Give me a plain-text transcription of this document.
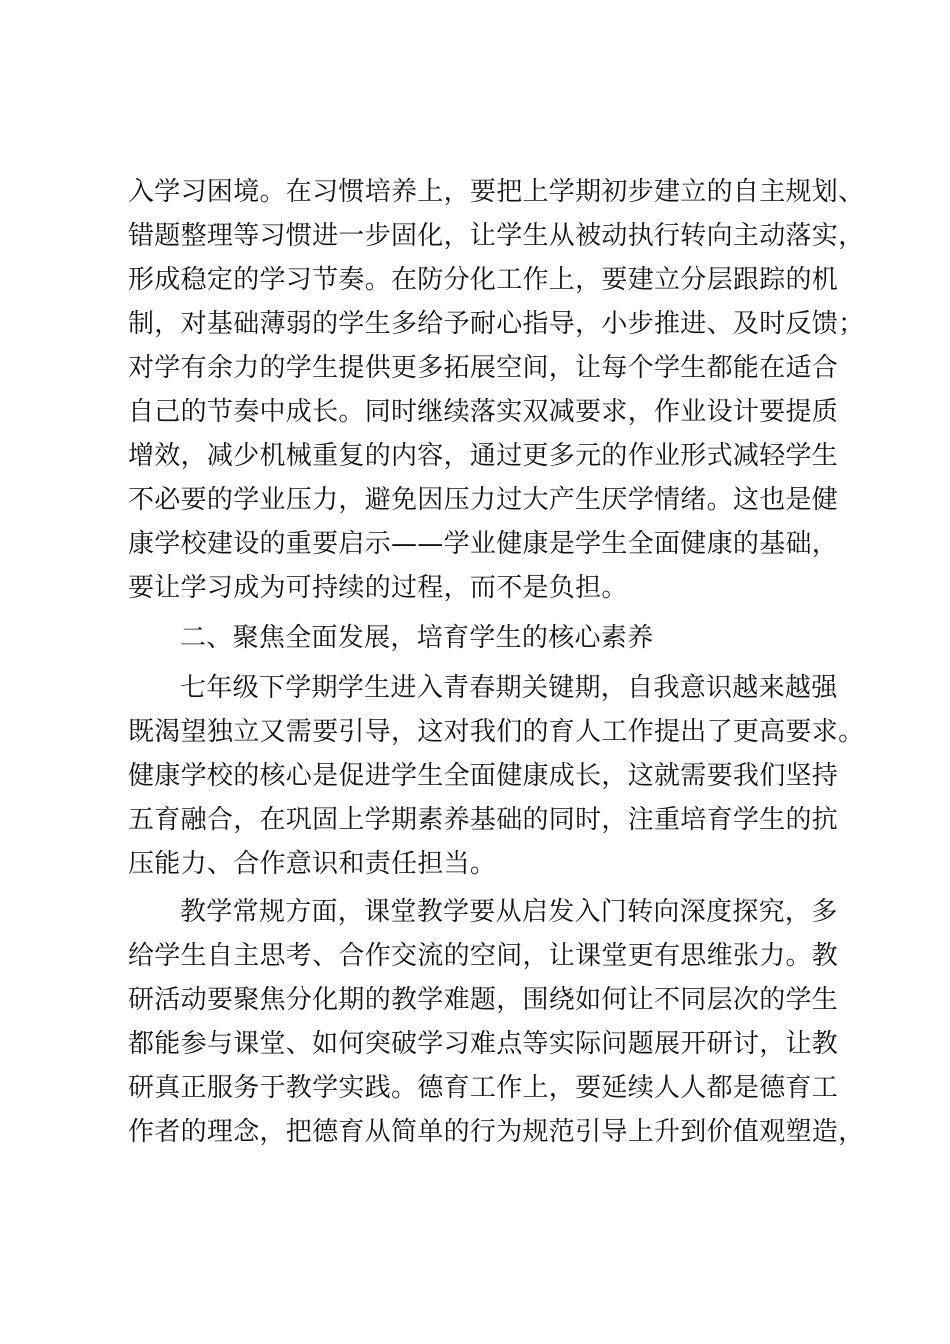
入学习困境。在习惯培养上，要把上学期初步建立的自主规划、
错题整理等习惯进一步固化，让学生从被动执行转向主动落实，
形成稳定的学习节奏。在防分化工作上，要建立分层跟踪的机
制，对基础薄弱的学生多给予耐心指导，小步推进、及时反馈；
对学有余力的学生提供更多拓展空间，让每个学生都能在适合
自己的节奏中成长。同时继续落实双减要求，作业设计要提质
增效，减少机械重复的内容，通过更多元的作业形式减轻学生
不必要的学业压力，避免因压力过大产生厌学情绪。这也是健
康学校建设的重要启示——学业健康是学生全面健康的基础，
要让学习成为可持续的过程，而不是负担。
二、聚焦全面发展，培育学生的核心素养
七年级下学期学生进入青春期关键期，自我意识越来越强
既渴望独立又需要引导，这对我们的育人工作提出了更高要求。
健康学校的核心是促进学生全面健康成长，这就需要我们坚持
五育融合，在巩固上学期素养基础的同时，注重培育学生的抗
压能力、合作意识和责任担当。
教学常规方面，课堂教学要从启发入门转向深度探究，多
给学生自主思考、合作交流的空间，让课堂更有思维张力。教
研活动要聚焦分化期的教学难题，围绕如何让不同层次的学生
都能参与课堂、如何突破学习难点等实际问题展开研讨，让教
研真正服务于教学实践。德育工作上，要延续人人都是德育工
作者的理念，把德育从简单的行为规范引导上升到价值观塑造，
